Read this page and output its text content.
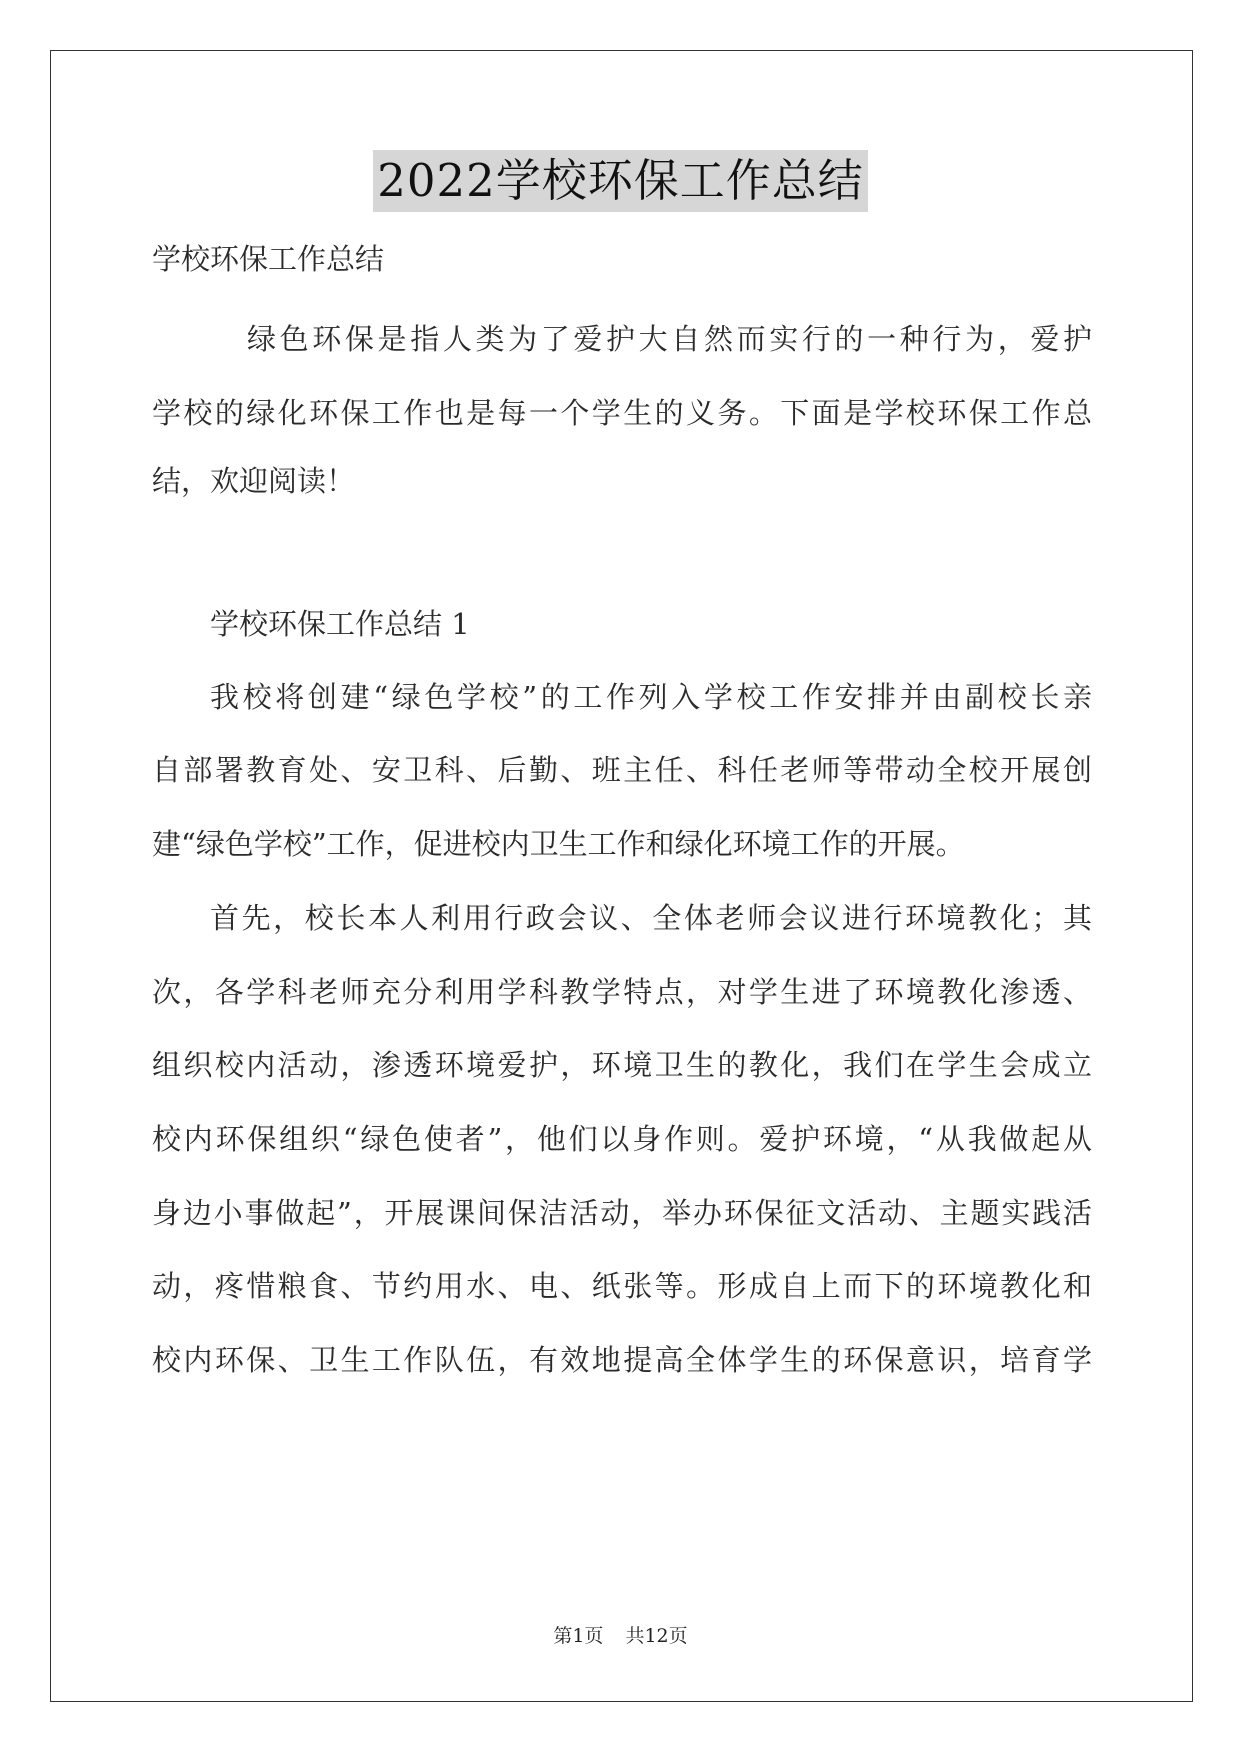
2022学校环保工作总结
学校环保工作总结
绿色环保是指人类为了爱护大自然而实行的一种行为，爱护
学校的绿化环保工作也是每一个学生的义务。下面是学校环保工作总
结，欢迎阅读！
学校环保工作总结 1
我校将创建“绿色学校”的工作列入学校工作安排并由副校长亲
自部署教育处、安卫科、后勤、班主任、科任老师等带动全校开展创
建“绿色学校”工作，促进校内卫生工作和绿化环境工作的开展。
首先，校长本人利用行政会议、全体老师会议进行环境教化；其
次，各学科老师充分利用学科教学特点，对学生进了环境教化渗透、
组织校内活动，渗透环境爱护，环境卫生的教化，我们在学生会成立
校内环保组织“绿色使者”，他们以身作则。爱护环境，“从我做起从
身边小事做起”，开展课间保洁活动，举办环保征文活动、主题实践活
动，疼惜粮食、节约用水、电、纸张等。形成自上而下的环境教化和
校内环保、卫生工作队伍，有效地提高全体学生的环保意识，培育学
第1页 共12页
